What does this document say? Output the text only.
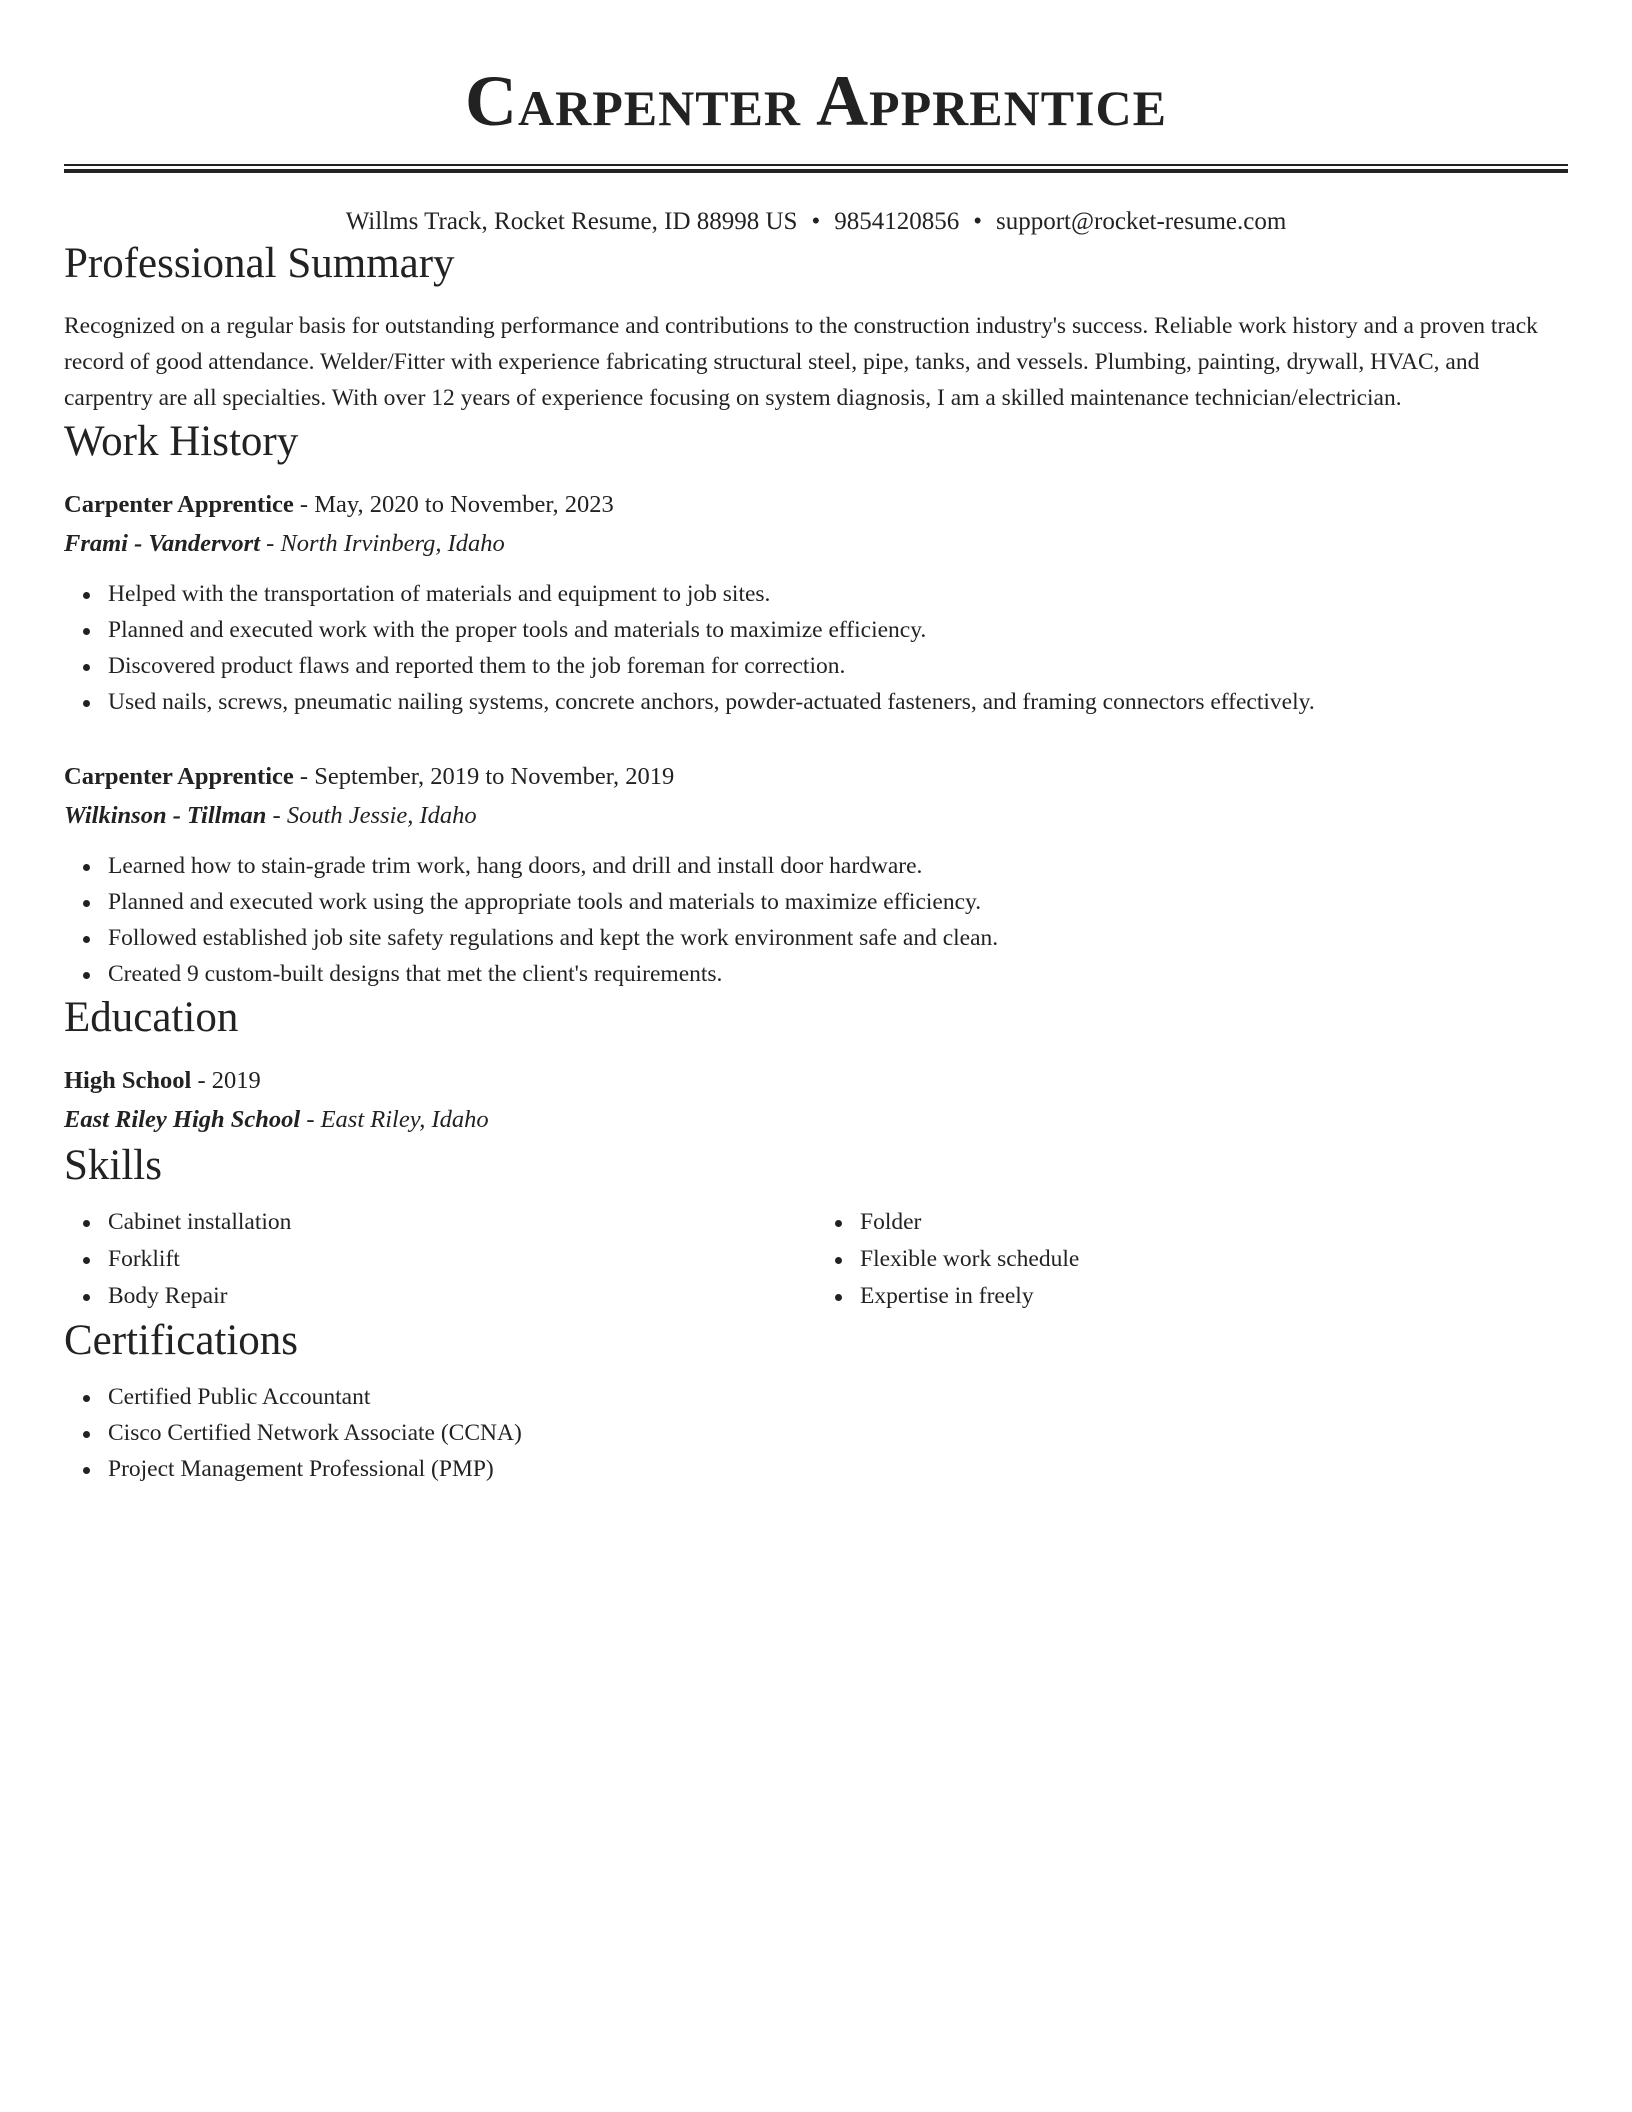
Carpenter Apprentice
Willms Track, Rocket Resume, ID 88998 US • 9854120856 • support@rocket-resume.com
Professional Summary

Recognized on a regular basis for outstanding performance and contributions to the construction industry's success. Reliable work history and a proven track record of good attendance. Welder/Fitter with experience fabricating structural steel, pipe, tanks, and vessels. Plumbing, painting, drywall, HVAC, and carpentry are all specialties. With over 12 years of experience focusing on system diagnosis, I am a skilled maintenance technician/electrician.

Work History
Carpenter Apprentice - May, 2020 to November, 2023
Frami - Vandervort - North Irvinberg, Idaho
Helped with the transportation of materials and equipment to job sites.
Planned and executed work with the proper tools and materials to maximize efficiency.
Discovered product flaws and reported them to the job foreman for correction.
Used nails, screws, pneumatic nailing systems, concrete anchors, powder-actuated fasteners, and framing connectors effectively.
Carpenter Apprentice - September, 2019 to November, 2019
Wilkinson - Tillman - South Jessie, Idaho
Learned how to stain-grade trim work, hang doors, and drill and install door hardware.
Planned and executed work using the appropriate tools and materials to maximize efficiency.
Followed established job site safety regulations and kept the work environment safe and clean.
Created 9 custom-built designs that met the client's requirements.
Education
High School - 2019
East Riley High School - East Riley, Idaho
Skills
Cabinet installation
Forklift
Body Repair
Folder
Flexible work schedule
Expertise in freely
Certifications
Certified Public Accountant
Cisco Certified Network Associate (CCNA)
Project Management Professional (PMP)
